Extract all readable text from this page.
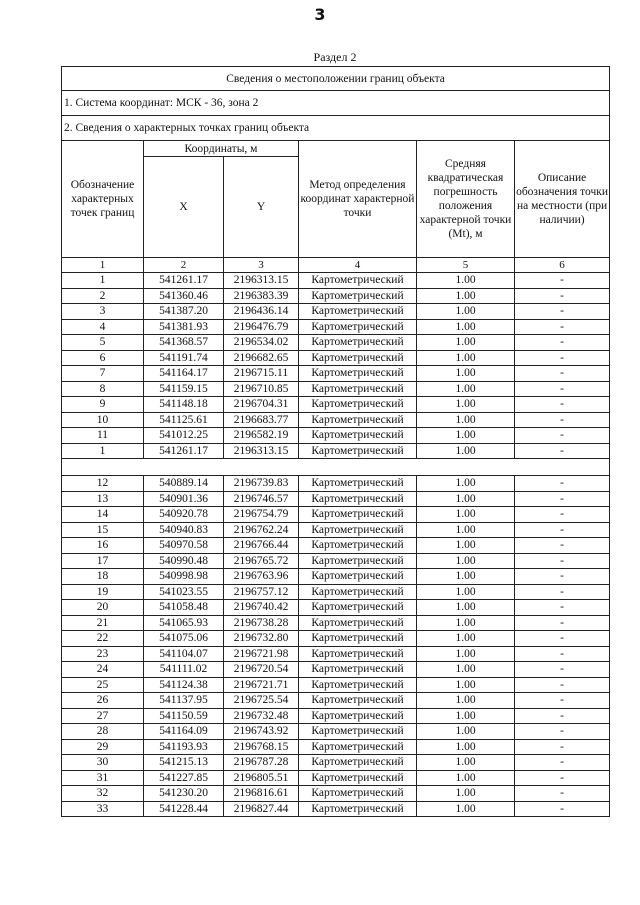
3
Раздел 2
Сведения о местоположении границ объекта					
1. Система координат: МСК - 36, зона 2					
2. Сведения о характерных точках границ объекта					
Обозначение характерных точек границ	Координаты, м		Метод определения координат характерной точки	Средняя квадратическая погрешность положения характерной точки (Mt), м	Описание обозначения точки на местности (при наличии)
	X	Y			
1	2	3	4	5	6
1	541261.17	2196313.15	Картометрический	1.00	-
2	541360.46	2196383.39	Картометрический	1.00	-
3	541387.20	2196436.14	Картометрический	1.00	-
4	541381.93	2196476.79	Картометрический	1.00	-
5	541368.57	2196534.02	Картометрический	1.00	-
6	541191.74	2196682.65	Картометрический	1.00	-
7	541164.17	2196715.11	Картометрический	1.00	-
8	541159.15	2196710.85	Картометрический	1.00	-
9	541148.18	2196704.31	Картометрический	1.00	-
10	541125.61	2196683.77	Картометрический	1.00	-
11	541012.25	2196582.19	Картометрический	1.00	-
1	541261.17	2196313.15	Картометрический	1.00	-

12	540889.14	2196739.83	Картометрический	1.00	-
13	540901.36	2196746.57	Картометрический	1.00	-
14	540920.78	2196754.79	Картометрический	1.00	-
15	540940.83	2196762.24	Картометрический	1.00	-
16	540970.58	2196766.44	Картометрический	1.00	-
17	540990.48	2196765.72	Картометрический	1.00	-
18	540998.98	2196763.96	Картометрический	1.00	-
19	541023.55	2196757.12	Картометрический	1.00	-
20	541058.48	2196740.42	Картометрический	1.00	-
21	541065.93	2196738.28	Картометрический	1.00	-
22	541075.06	2196732.80	Картометрический	1.00	-
23	541104.07	2196721.98	Картометрический	1.00	-
24	541111.02	2196720.54	Картометрический	1.00	-
25	541124.38	2196721.71	Картометрический	1.00	-
26	541137.95	2196725.54	Картометрический	1.00	-
27	541150.59	2196732.48	Картометрический	1.00	-
28	541164.09	2196743.92	Картометрический	1.00	-
29	541193.93	2196768.15	Картометрический	1.00	-
30	541215.13	2196787.28	Картометрический	1.00	-
31	541227.85	2196805.51	Картометрический	1.00	-
32	541230.20	2196816.61	Картометрический	1.00	-
33	541228.44	2196827.44	Картометрический	1.00	-
